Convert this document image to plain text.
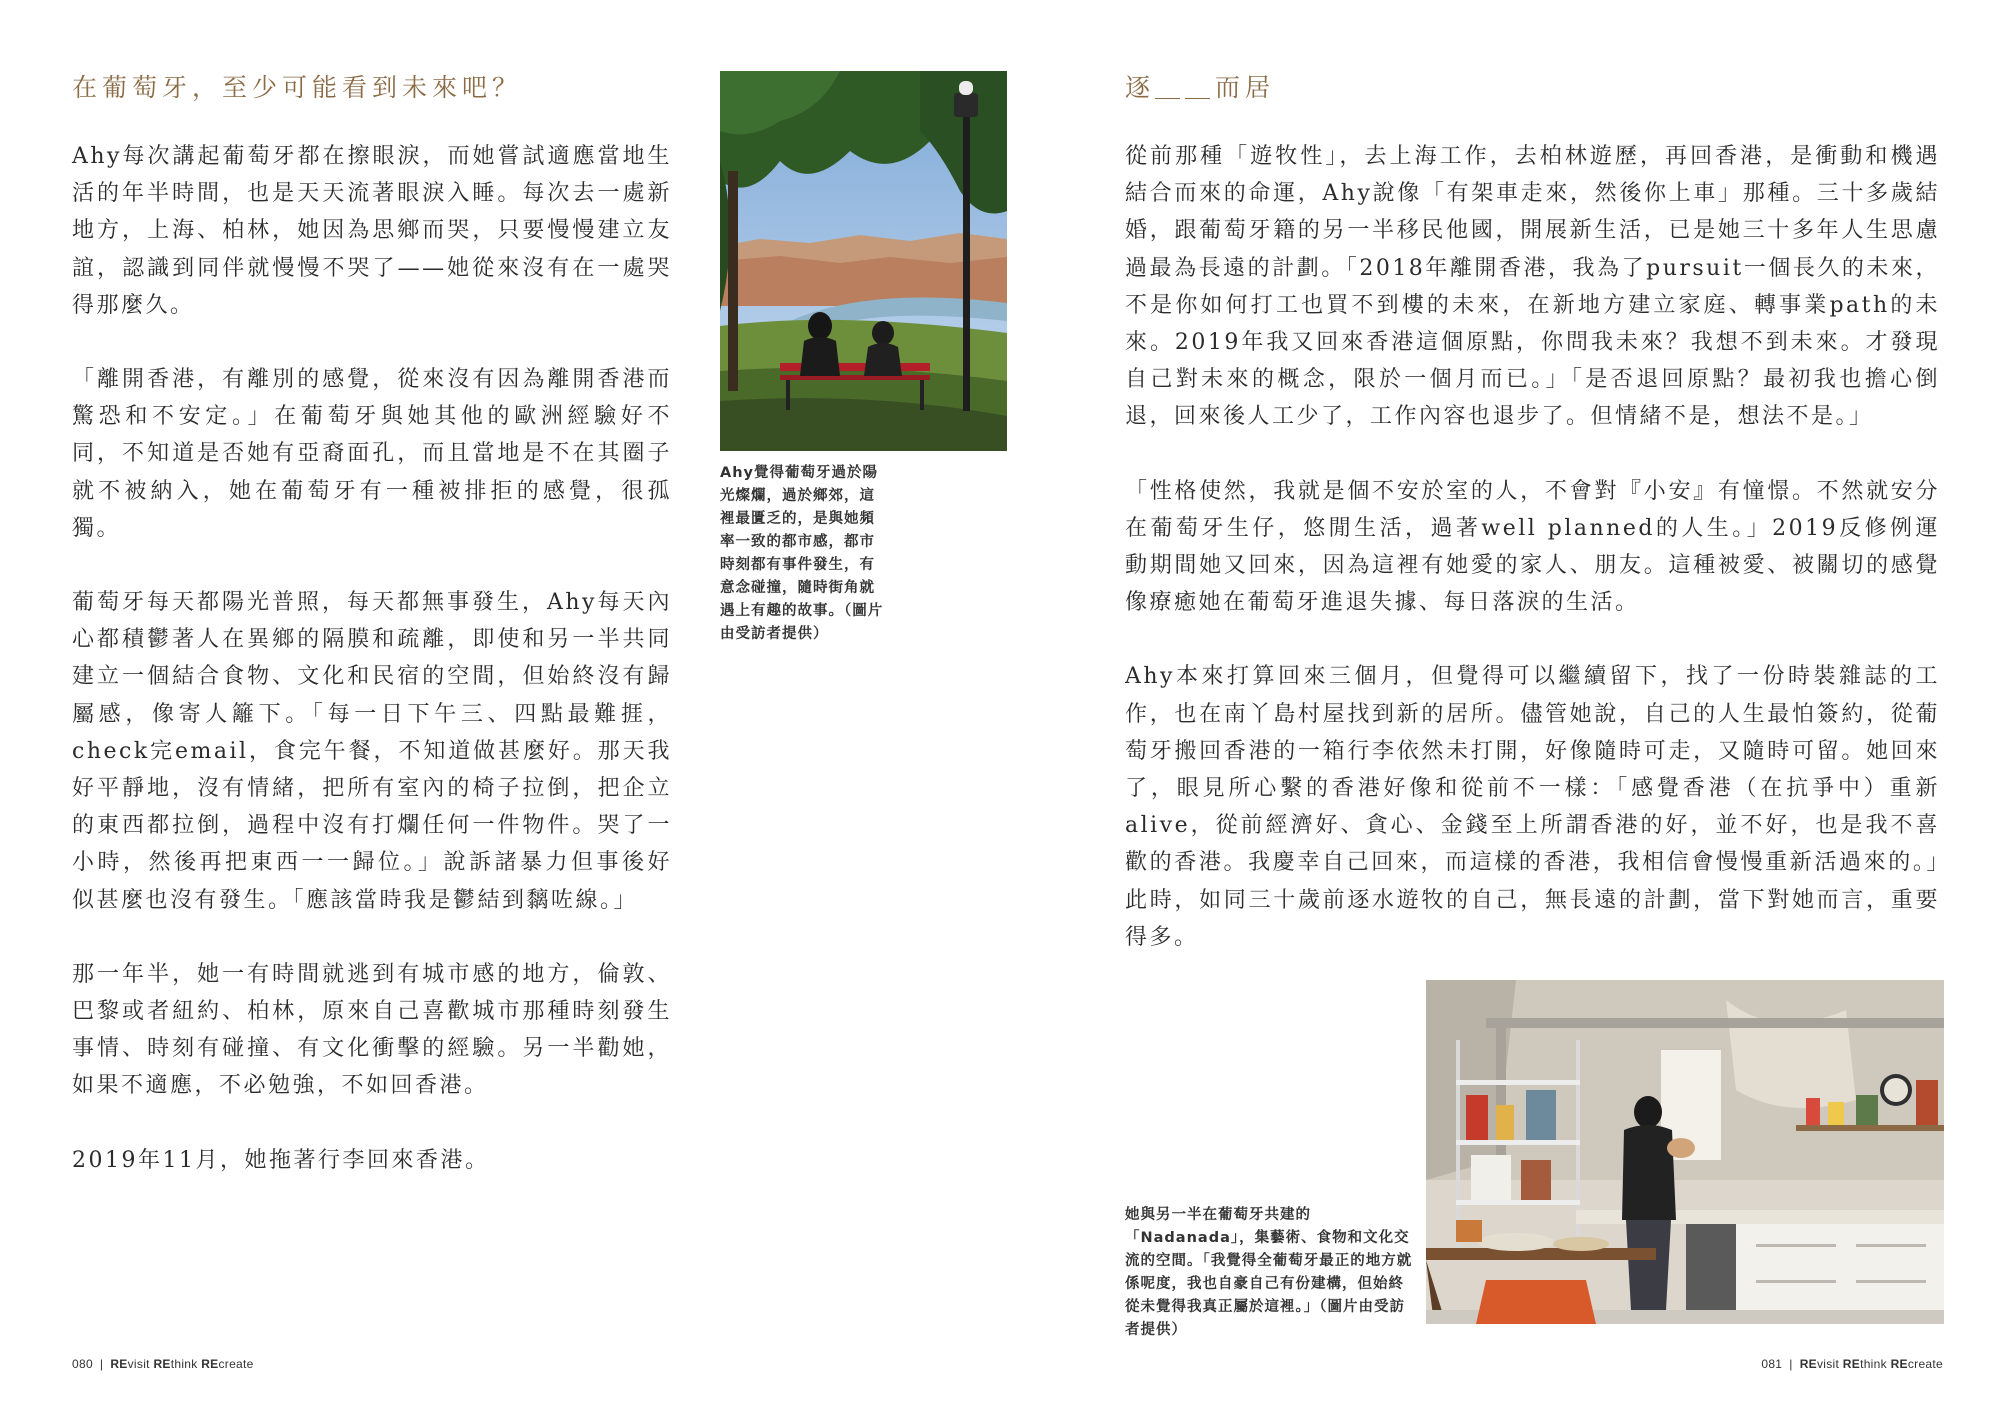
在葡萄牙，至少可能看到未來吧？

Ahy每次講起葡萄牙都在擦眼淚，而她嘗試適應當地生活的年半時間，也是天天流著眼淚入睡。每次去一處新地方，上海、柏林，她因為思鄉而哭，只要慢慢建立友誼，認識到同伴就慢慢不哭了——她從來沒有在一處哭得那麼久。

「離開香港，有離別的感覺，從來沒有因為離開香港而驚恐和不安定。」在葡萄牙與她其他的歐洲經驗好不同，不知道是否她有亞裔面孔，而且當地是不在其圈子就不被納入，她在葡萄牙有一種被排拒的感覺，很孤獨。

葡萄牙每天都陽光普照，每天都無事發生，Ahy每天內心都積鬱著人在異鄉的隔膜和疏離，即使和另一半共同建立一個結合食物、文化和民宿的空間，但始終沒有歸屬感，像寄人籬下。「每一日下午三、四點最難捱，check完email，食完午餐，不知道做甚麼好。那天我好平靜地，沒有情緒，把所有室內的椅子拉倒，把企立的東西都拉倒，過程中沒有打爛任何一件物件。哭了一小時，然後再把東西一一歸位。」說訴諸暴力但事後好似甚麼也沒有發生。「應該當時我是鬱結到黐咗線。」

那一年半，她一有時間就逃到有城市感的地方，倫敦、巴黎或者紐約、柏林，原來自己喜歡城市那種時刻發生事情、時刻有碰撞、有文化衝擊的經驗。另一半勸她，如果不適應，不必勉強，不如回香港。

2019年11月，她拖著行李回來香港。

Ahy覺得葡萄牙過於陽光燦爛，過於鄉郊，這裡最匱乏的，是與她頻率一致的都市感，都市時刻都有事件發生，有意念碰撞，隨時街角就遇上有趣的故事。（圖片由受訪者提供）

080 | REvisit REthink REcreate
逐＿＿而居

從前那種「遊牧性」，去上海工作，去柏林遊歷，再回香港，是衝動和機遇結合而來的命運，Ahy說像「有架車走來，然後你上車」那種。三十多歲結婚，跟葡萄牙籍的另一半移民他國，開展新生活，已是她三十多年人生思慮過最為長遠的計劃。「2018年離開香港，我為了pursuit一個長久的未來，不是你如何打工也買不到樓的未來，在新地方建立家庭、轉事業path的未來。2019年我又回來香港這個原點，你問我未來？我想不到未來。才發現自己對未來的概念，限於一個月而已。」「是否退回原點？最初我也擔心倒退，回來後人工少了，工作內容也退步了。但情緒不是，想法不是。」

「性格使然，我就是個不安於室的人，不會對『小安』有憧憬。不然就安分在葡萄牙生仔，悠閒生活，過著well planned的人生。」2019反修例運動期間她又回來，因為這裡有她愛的家人、朋友。這種被愛、被關切的感覺像療癒她在葡萄牙進退失據、每日落淚的生活。

Ahy本來打算回來三個月，但覺得可以繼續留下，找了一份時裝雜誌的工作，也在南丫島村屋找到新的居所。儘管她說，自己的人生最怕簽約，從葡萄牙搬回香港的一箱行李依然未打開，好像隨時可走，又隨時可留。她回來了，眼見所心繫的香港好像和從前不一樣：「感覺香港（在抗爭中）重新alive，從前經濟好、貪心、金錢至上所謂香港的好，並不好，也是我不喜歡的香港。我慶幸自己回來，而這樣的香港，我相信會慢慢重新活過來的。」此時，如同三十歲前逐水遊牧的自己，無長遠的計劃，當下對她而言，重要得多。

她與另一半在葡萄牙共建的「Nadanada」，集藝術、食物和文化交流的空間。「我覺得全葡萄牙最正的地方就係呢度，我也自豪自己有份建構，但始終從未覺得我真正屬於這裡。」（圖片由受訪者提供）

081 | REvisit REthink REcreate
